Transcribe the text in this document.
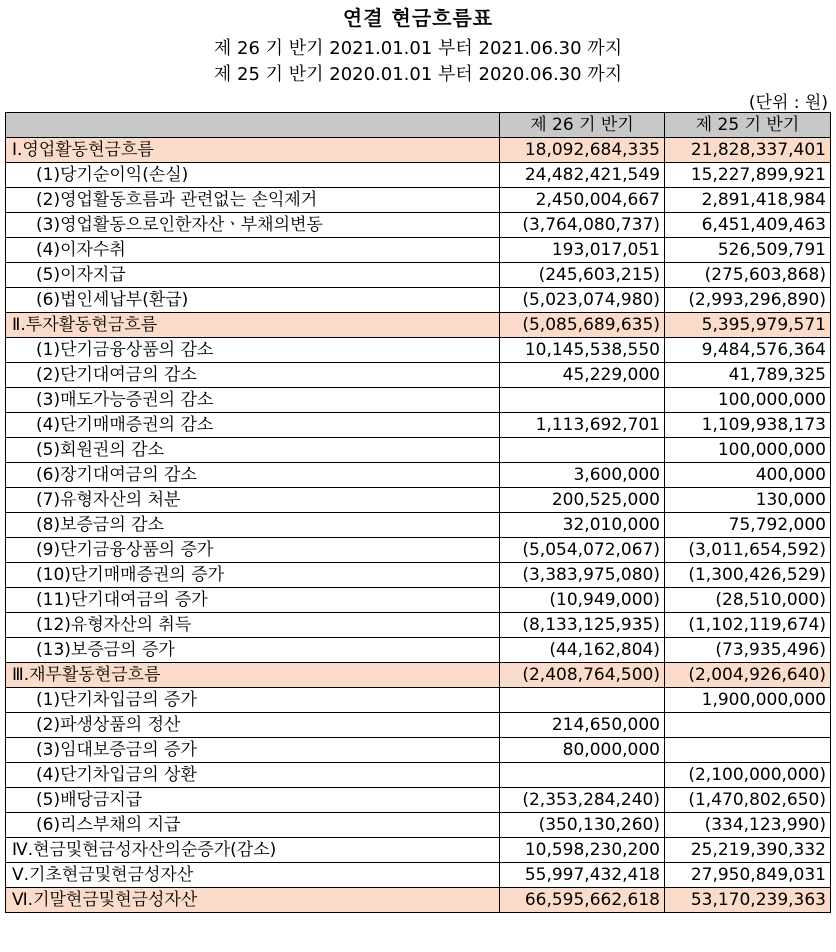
연결 현금흐름표
제 26 기 반기 2021.01.01 부터 2021.06.30 까지
제 25 기 반기 2020.01.01 부터 2020.06.30 까지
(단위 : 원)
	제 26 기 반기	제 25 기 반기
Ⅰ.영업활동현금흐름	18,092,684,335	21,828,337,401
(1)당기순이익(손실)	24,482,421,549	15,227,899,921
(2)영업활동흐름과 관련없는 손익제거	2,450,004,667	2,891,418,984
(3)영업활동으로인한자산ㆍ부채의변동	(3,764,080,737)	6,451,409,463
(4)이자수취	193,017,051	526,509,791
(5)이자지급	(245,603,215)	(275,603,868)
(6)법인세납부(환급)	(5,023,074,980)	(2,993,296,890)
Ⅱ.투자활동현금흐름	(5,085,689,635)	5,395,979,571
(1)단기금융상품의 감소	10,145,538,550	9,484,576,364
(2)단기대여금의 감소	45,229,000	41,789,325
(3)매도가능증권의 감소		100,000,000
(4)단기매매증권의 감소	1,113,692,701	1,109,938,173
(5)회원권의 감소		100,000,000
(6)장기대여금의 감소	3,600,000	400,000
(7)유형자산의 처분	200,525,000	130,000
(8)보증금의 감소	32,010,000	75,792,000
(9)단기금융상품의 증가	(5,054,072,067)	(3,011,654,592)
(10)단기매매증권의 증가	(3,383,975,080)	(1,300,426,529)
(11)단기대여금의 증가	(10,949,000)	(28,510,000)
(12)유형자산의 취득	(8,133,125,935)	(1,102,119,674)
(13)보증금의 증가	(44,162,804)	(73,935,496)
Ⅲ.재무활동현금흐름	(2,408,764,500)	(2,004,926,640)
(1)단기차입금의 증가		1,900,000,000
(2)파생상품의 정산	214,650,000	
(3)임대보증금의 증가	80,000,000	
(4)단기차입금의 상환		(2,100,000,000)
(5)배당금지급	(2,353,284,240)	(1,470,802,650)
(6)리스부채의 지급	(350,130,260)	(334,123,990)
Ⅳ.현금및현금성자산의순증가(감소)	10,598,230,200	25,219,390,332
Ⅴ.기초현금및현금성자산	55,997,432,418	27,950,849,031
Ⅵ.기말현금및현금성자산	66,595,662,618	53,170,239,363
